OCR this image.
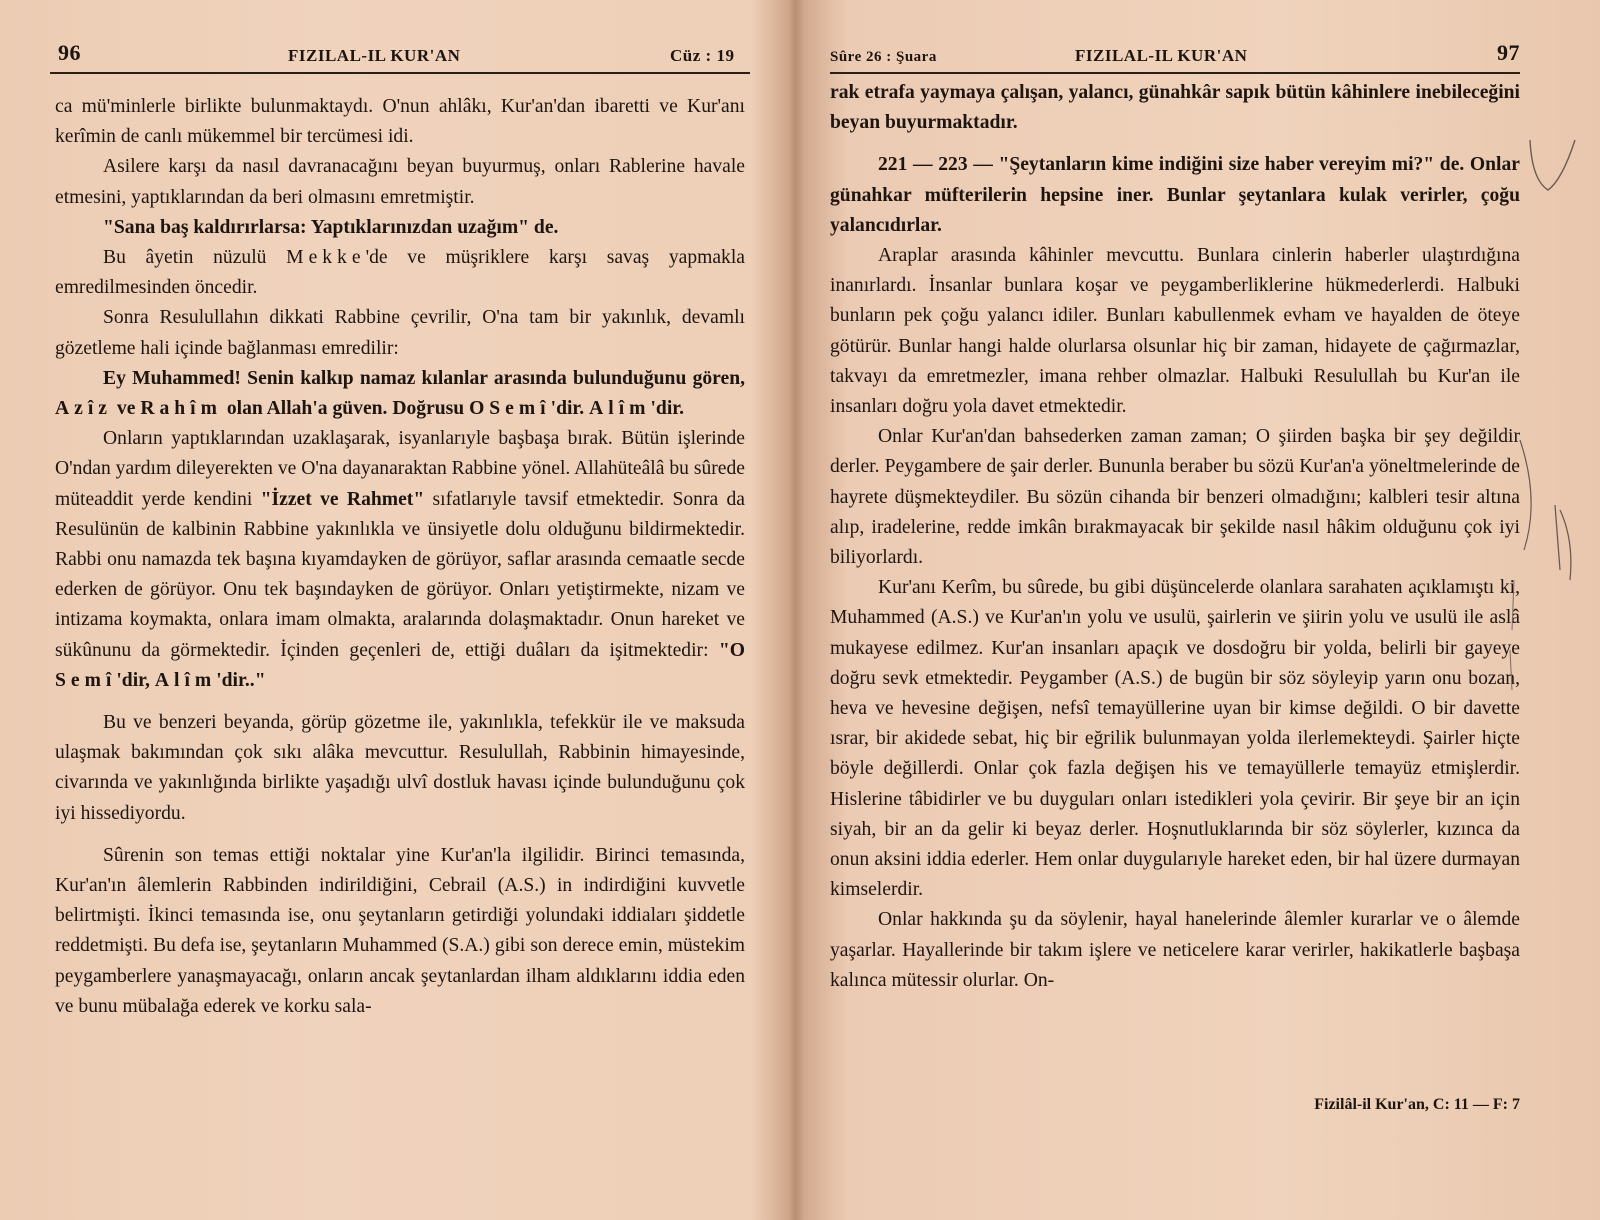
96	FIZILAL-IL KUR'AN	Cüz : 19

ca mü'minlerle birlikte bulunmaktaydı. O'nun ahlâkı, Kur'an'dan ibaretti ve Kur'anı kerîmin de canlı mükemmel bir tercümesi idi.

Asilere karşı da nasıl davranacağını beyan buyurmuş, onları Rablerine havale etmesini, yaptıklarından da beri olmasını emretmiştir.

"Sana baş kaldırırlarsa: Yaptıklarınızdan uzağım" de.

Bu âyetin nüzulü Mekke'de ve müşriklere karşı savaş yapmakla emredilmesinden öncedir.

Sonra Resulullahın dikkati Rabbine çevrilir, O'na tam bir yakınlık, devamlı gözetleme hali içinde bağlanması emredilir:

Ey Muhammed! Senin kalkıp namaz kılanlar arasında bulunduğunu gören, Azîz ve Rahîm olan Allah'a güven. Doğrusu O Semî'dir. Alîm'dir.

Onların yaptıklarından uzaklaşarak, isyanlarıyle başbaşa bırak. Bütün işlerinde O'ndan yardım dileyerekten ve O'na dayanaraktan Rabbine yönel. Allahüteâlâ bu sûrede müteaddit yerde kendini "İzzet ve Rahmet" sıfatlarıyle tavsif etmektedir. Sonra da Resulünün de kalbinin Rabbine yakınlıkla ve ünsiyetle dolu olduğunu bildirmektedir. Rabbi onu namazda tek başına kıyamdayken de görüyor, saflar arasında cemaatle secde ederken de görüyor. Onu tek başındayken de görüyor. Onları yetiştirmekte, nizam ve intizama koymakta, onlara imam olmakta, aralarında dolaşmaktadır. Onun hareket ve sükûnunu da görmektedir. İçinden geçenleri de, ettiği duâları da işitmektedir: "O Semî'dir, Alîm'dir.."

Bu ve benzeri beyanda, görüp gözetme ile, yakınlıkla, tefekkür ile ve maksuda ulaşmak bakımından çok sıkı alâka mevcuttur. Resulullah, Rabbinin himayesinde, civarında ve yakınlığında birlikte yaşadığı ulvî dostluk havası içinde bulunduğunu çok iyi hissediyordu.

Sûrenin son temas ettiği noktalar yine Kur'an'la ilgilidir. Birinci temasında, Kur'an'ın âlemlerin Rabbinden indirildiğini, Cebrail (A.S.) in indirdiğini kuvvetle belirtmişti. İkinci temasında ise, onu şeytanların getirdiği yolundaki iddiaları şiddetle reddetmişti. Bu defa ise, şeytanların Muhammed (S.A.) gibi son derece emin, müstekim peygamberlere yanaşmayacağı, onların ancak şeytanlardan ilham aldıklarını iddia eden ve bunu mübalağa ederek ve korku sala-

Sûre 26 : Şuara	FIZILAL-IL KUR'AN	97

rak etrafa yaymaya çalışan, yalancı, günahkâr sapık bütün kâhinlere inebileceğini beyan buyurmaktadır.

221 — 223 — "Şeytanların kime indiğini size haber vereyim mi?" de. Onlar günahkar müfterilerin hepsine iner. Bunlar şeytanlara kulak verirler, çoğu yalancıdırlar.

Araplar arasında kâhinler mevcuttu. Bunlara cinlerin haberler ulaştırdığına inanırlardı. İnsanlar bunlara koşar ve peygamberliklerine hükmederlerdi. Halbuki bunların pek çoğu yalancı idiler. Bunları kabullenmek evham ve hayalden de öteye götürür. Bunlar hangi halde olurlarsa olsunlar hiç bir zaman, hidayete de çağırmazlar, takvayı da emretmezler, imana rehber olmazlar. Halbuki Resulullah bu Kur'an ile insanları doğru yola davet etmektedir.

Onlar Kur'an'dan bahsederken zaman zaman; O şiirden başka bir şey değildir derler. Peygambere de şair derler. Bununla beraber bu sözü Kur'an'a yöneltmelerinde de hayrete düşmekteydiler. Bu sözün cihanda bir benzeri olmadığını; kalbleri tesir altına alıp, iradelerine, redde imkân bırakmayacak bir şekilde nasıl hâkim olduğunu çok iyi biliyorlardı.

Kur'anı Kerîm, bu sûrede, bu gibi düşüncelerde olanlara sarahaten açıklamıştı ki, Muhammed (A.S.) ve Kur'an'ın yolu ve usulü, şairlerin ve şiirin yolu ve usulü ile aslâ mukayese edilmez. Kur'an insanları apaçık ve dosdoğru bir yolda, belirli bir gayeye doğru sevk etmektedir. Peygamber (A.S.) de bugün bir söz söyleyip yarın onu bozan, heva ve hevesine değişen, nefsî temayüllerine uyan bir kimse değildi. O bir davette ısrar, bir akidede sebat, hiç bir eğrilik bulunmayan yolda ilerlemekteydi. Şairler hiçte böyle değillerdi. Onlar çok fazla değişen his ve temayüllerle temayüz etmişlerdir. Hislerine tâbidirler ve bu duyguları onları istedikleri yola çevirir. Bir şeye bir an için siyah, bir an da gelir ki beyaz derler. Hoşnutluklarında bir söz söylerler, kızınca da onun aksini iddia ederler. Hem onlar duygularıyle hareket eden, bir hal üzere durmayan kimselerdir.

Onlar hakkında şu da söylenir, hayal hanelerinde âlemler kurarlar ve o âlemde yaşarlar. Hayallerinde bir takım işlere ve neticelere karar verirler, hakikatlerle başbaşa kalınca mütessir olurlar. On-

Fizilâl-il Kur'an, C: 11 — F: 7
